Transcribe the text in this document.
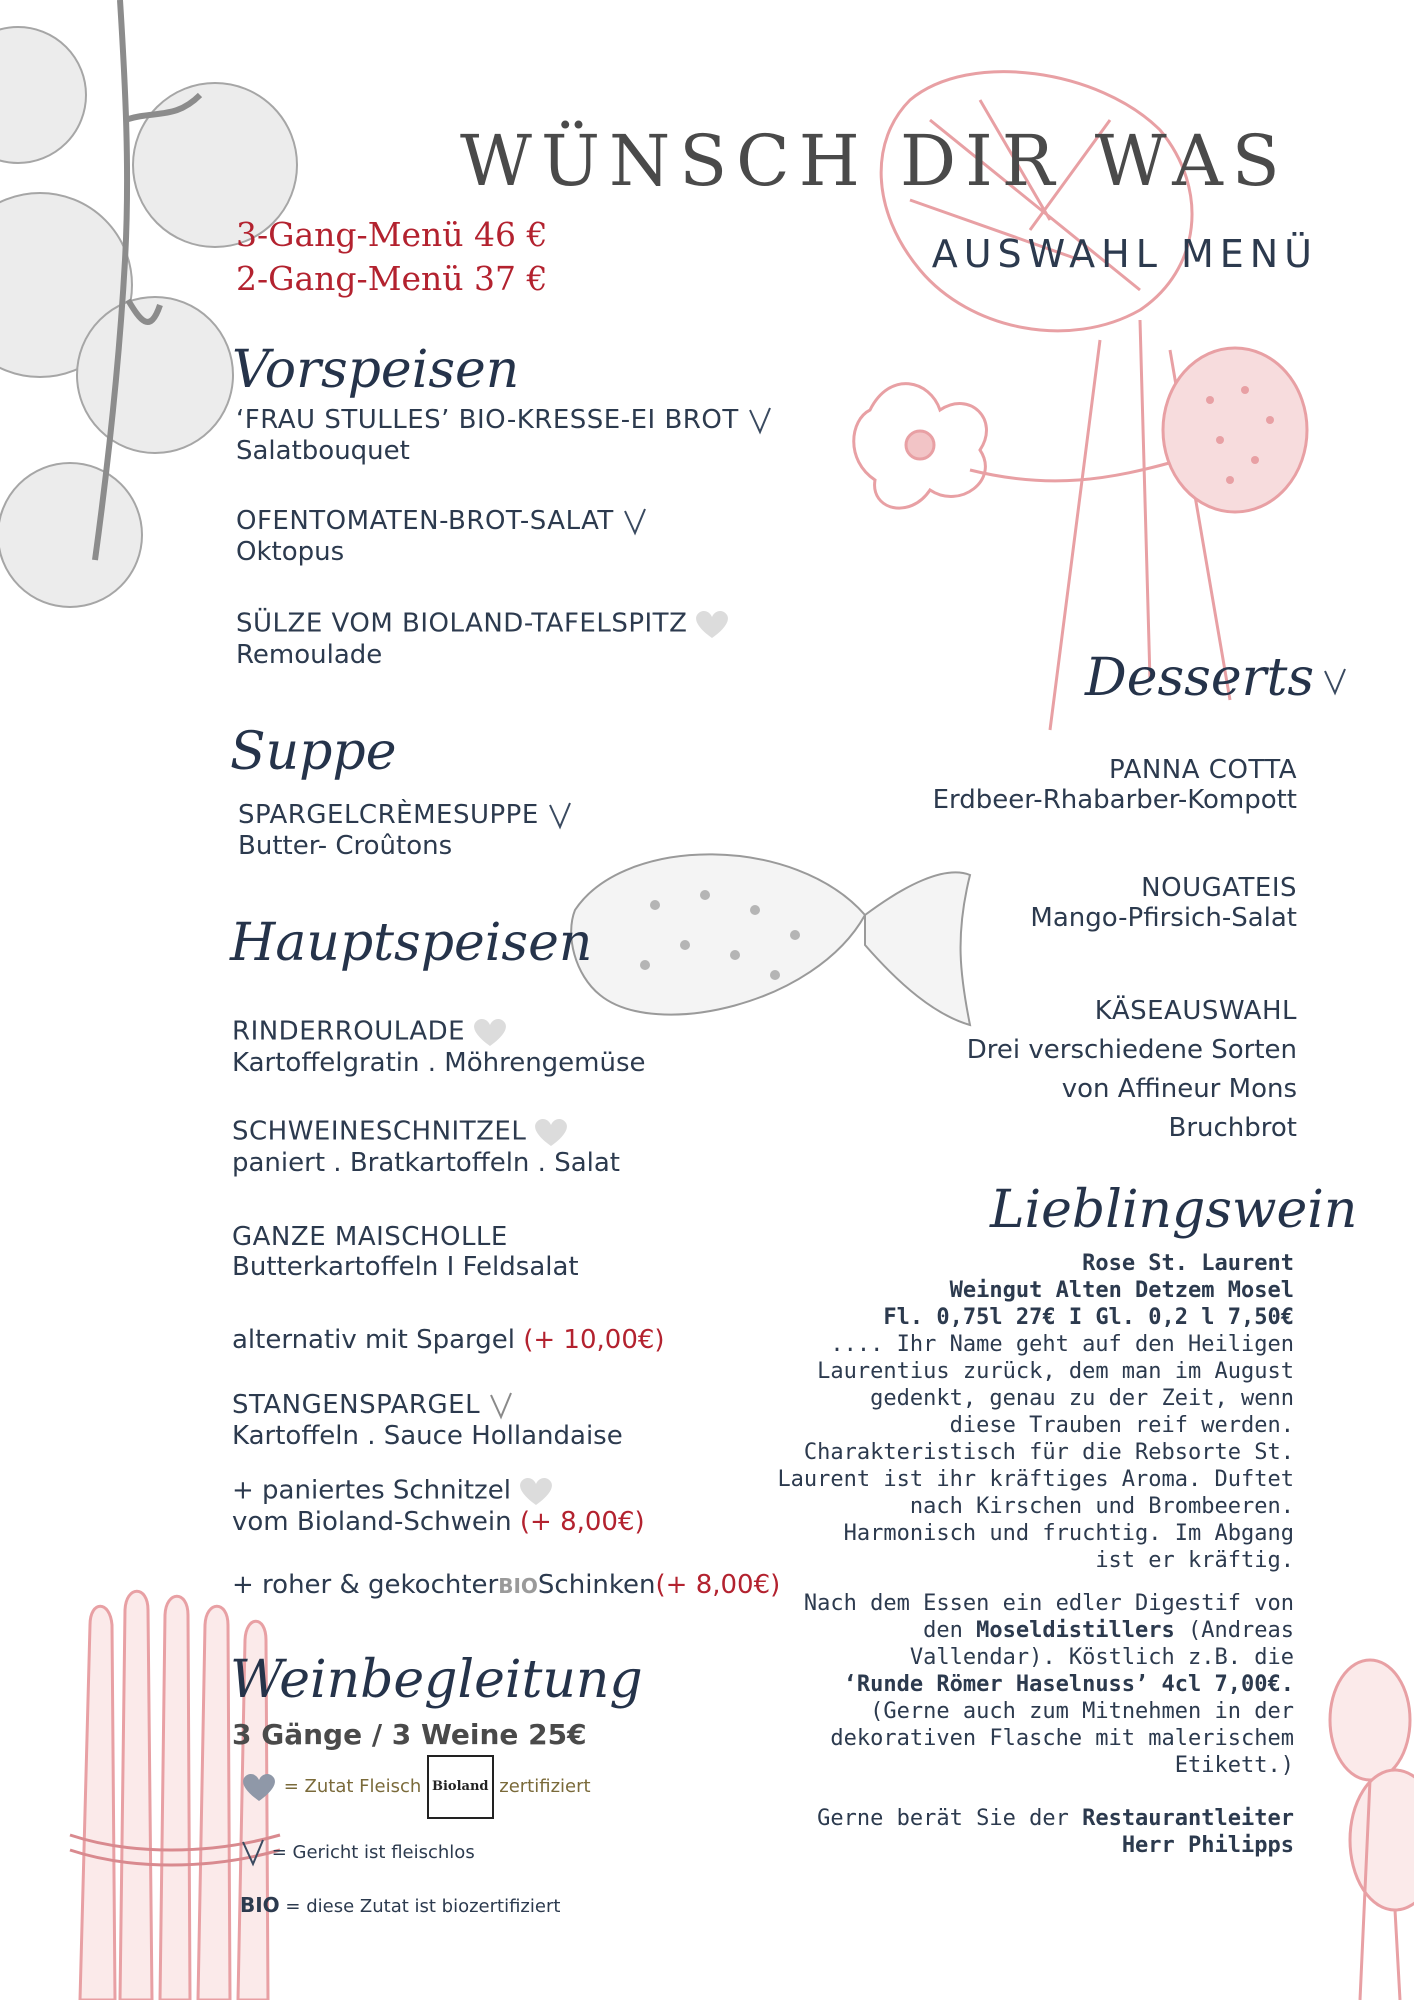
WÜNSCH DIR WAS
AUSWAHL MENÜ
3-Gang-Menü 46 €
2-Gang-Menü 37 €
Vorspeisen
‘FRAU STULLES’ BIO-KRESSE-EI BROT
Salatbouquet
OFENTOMATEN-BROT-SALAT
Oktopus
SÜLZE VOM BIOLAND-TAFELSPITZ
Remoulade
Suppe
SPARGELCRÈMESUPPE
Butter- Croûtons
Hauptspeisen
RINDERROULADE
Kartoffelgratin . Möhrengemüse
SCHWEINESCHNITZEL
paniert . Bratkartoffeln . Salat
GANZE MAISCHOLLE
Butterkartoffeln I Feldsalat
alternativ mit Spargel (+ 10,00€)
STANGENSPARGEL
Kartoffeln . Sauce Hollandaise
+ paniertes Schnitzel
vom Bioland-Schwein (+ 8,00€)
+ roher & gekochterBIOSchinken(+ 8,00€)
Weinbegleitung
3 Gänge / 3 Weine 25€
= Zutat Fleisch Bioland zertifiziert
= Gericht ist fleischlos
BIO = diese Zutat ist biozertifiziert
Desserts
PANNA COTTA
Erdbeer-Rhabarber-Kompott
NOUGATEIS
Mango-Pfirsich-Salat
KÄSEAUSWAHL
Drei verschiedene Sorten
von Affineur Mons
Bruchbrot
Lieblingswein
Rose St. Laurent
Weingut Alten Detzem Mosel
Fl. 0,75l 27€ I Gl. 0,2 l 7,50€
.... Ihr Name geht auf den Heiligen
Laurentius zurück, dem man im August
gedenkt, genau zu der Zeit, wenn
diese Trauben reif werden.
Charakteristisch für die Rebsorte St.
Laurent ist ihr kräftiges Aroma. Duftet
nach Kirschen und Brombeeren.
Harmonisch und fruchtig. Im Abgang
ist er kräftig.
Nach dem Essen ein edler Digestif von
den Moseldistillers (Andreas
Vallendar). Köstlich z.B. die
‘Runde Römer Haselnuss’ 4cl 7,00€.
(Gerne auch zum Mitnehmen in der
dekorativen Flasche mit malerischem
Etikett.)
Gerne berät Sie der Restaurantleiter
Herr Philipps
